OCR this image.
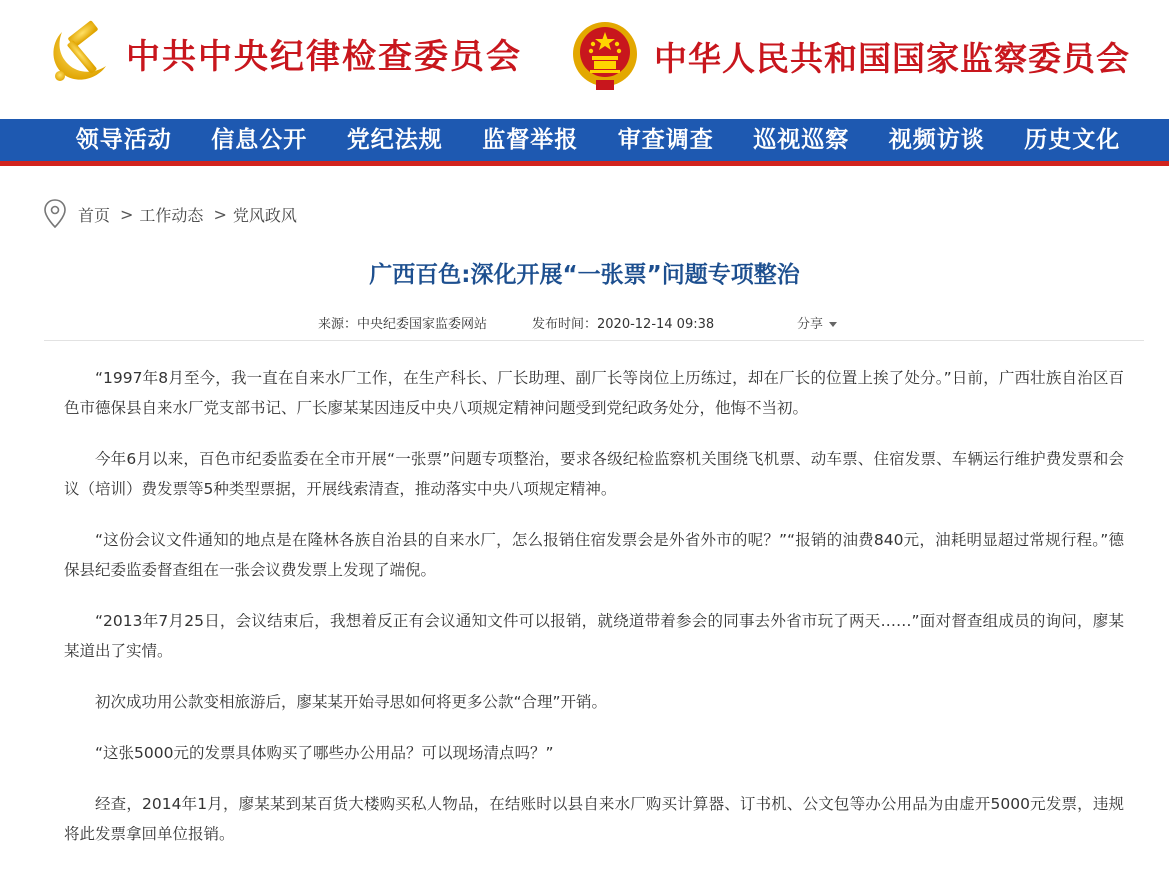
中共中央纪律检查委员会	中华人民共和国国家监察委员会
领导活动	信息公开	党纪法规	监督举报	审查调查	巡视巡察	视频访谈	历史文化
首页 > 工作动态 > 党风政风
广西百色:深化开展“一张票”问题专项整治
来源：中央纪委国家监委网站	发布时间：2020-12-14 09:38	分享

“1997年8月至今，我一直在自来水厂工作，在生产科长、厂长助理、副厂长等岗位上历练过，却在厂长的位置上挨了处分。”日前，广西壮族自治区百色市德保县自来水厂党支部书记、厂长廖某某因违反中央八项规定精神问题受到党纪政务处分，他悔不当初。

今年6月以来，百色市纪委监委在全市开展“一张票”问题专项整治，要求各级纪检监察机关围绕飞机票、动车票、住宿发票、车辆运行维护费发票和会议（培训）费发票等5种类型票据，开展线索清查，推动落实中央八项规定精神。

“这份会议文件通知的地点是在隆林各族自治县的自来水厂，怎么报销住宿发票会是外省外市的呢？”“报销的油费840元，油耗明显超过常规行程。”德保县纪委监委督查组在一张会议费发票上发现了端倪。

“2013年7月25日，会议结束后，我想着反正有会议通知文件可以报销，就绕道带着参会的同事去外省市玩了两天……”面对督查组成员的询问，廖某某道出了实情。

初次成功用公款变相旅游后，廖某某开始寻思如何将更多公款“合理”开销。

“这张5000元的发票具体购买了哪些办公用品？可以现场清点吗？”

经查，2014年1月，廖某某到某百货大楼购买私人物品，在结账时以县自来水厂购买计算器、订书机、公文包等办公用品为由虚开5000元发票，违规将此发票拿回单位报销。
